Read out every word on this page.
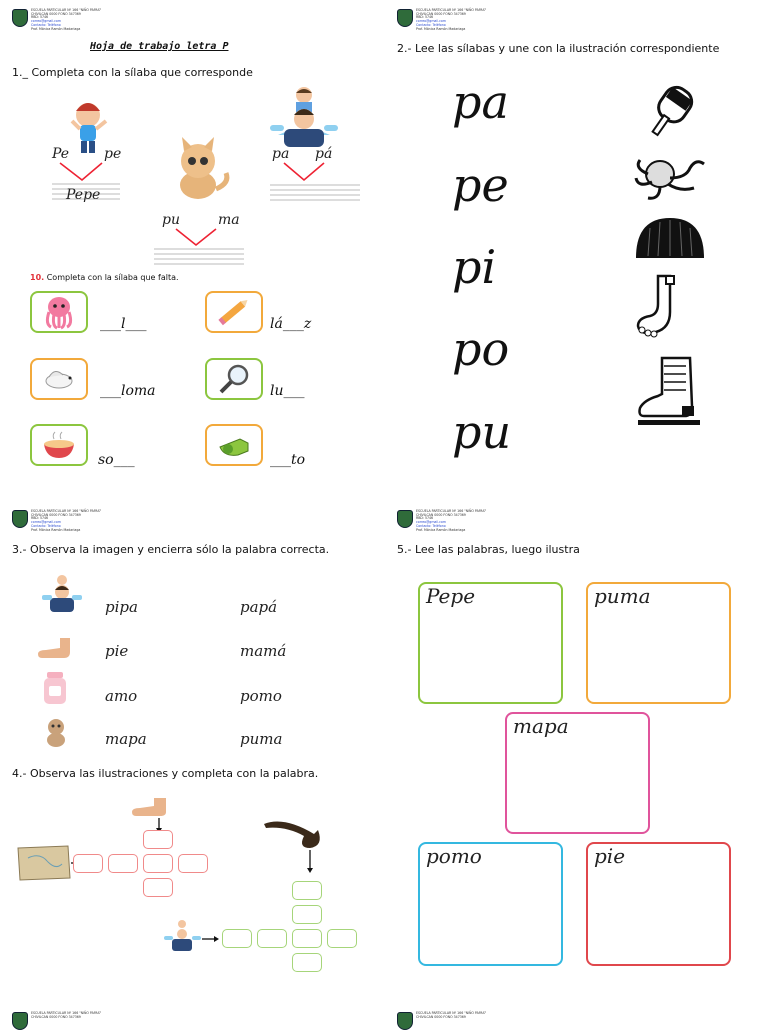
ESCUELA PARTICULAR Nº 166 "NIÑO PAPAS"
CHIVILCAN 0000 FONO 347369
RBD: 5746
correo@gmail.com
Contacto: Teléfono
Prof. Mónica Ramón Madariaga
ESCUELA PARTICULAR Nº 166 "NIÑO PAPAS"
CHIVILCAN 0000 FONO 347369
RBD: 5746
correo@gmail.com
Contacto: Teléfono
Prof. Mónica Ramón Madariaga
ESCUELA PARTICULAR Nº 166 "NIÑO PAPAS"
CHIVILCAN 0000 FONO 347369
RBD: 5746
correo@gmail.com
Contacto: Teléfono
Prof. Mónica Ramón Madariaga
ESCUELA PARTICULAR Nº 166 "NIÑO PAPAS"
CHIVILCAN 0000 FONO 347369
RBD: 5746
correo@gmail.com
Contacto: Teléfono
Prof. Mónica Ramón Madariaga
ESCUELA PARTICULAR Nº 166 "NIÑO PAPAS"
CHIVILCAN 0000 FONO 347369
ESCUELA PARTICULAR Nº 166 "NIÑO PAPAS"
CHIVILCAN 0000 FONO 347369
Hoja de trabajo letra P
1._ Completa con la sílaba que corresponde
Pe pe
Pepe
pa pá
pu	ma
10. Completa con la sílaba que falta.
___l___	lá___z
___loma	lu___
so___	___to
2.- Lee las sílabas y une con la ilustración correspondiente
pa
pe
pi
po
pu
3.- Observa la imagen y encierra sólo la palabra correcta.
pipa	papá
pie	mamá
amo	pomo
mapa	puma
4.- Observa las ilustraciones y completa con la palabra.
5.- Lee las palabras, luego ilustra
Pepe	puma
mapa
pomo	pie
